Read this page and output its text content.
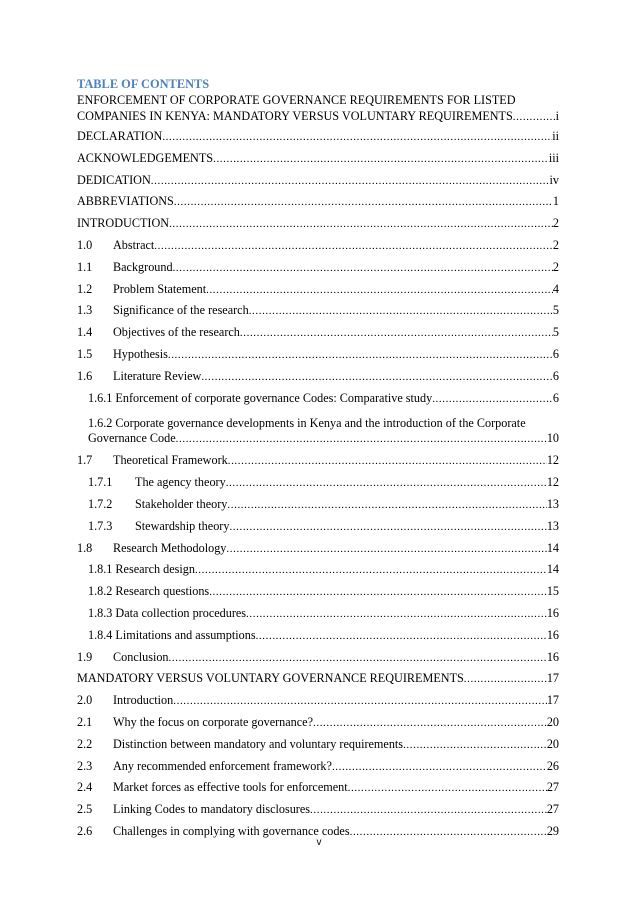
TABLE OF CONTENTS
ENFORCEMENT OF CORPORATE GOVERNANCE REQUIREMENTS FOR LISTED
COMPANIES IN KENYA: MANDATORY VERSUS VOLUNTARY REQUIREMENTS .....	i
DECLARATION .....	ii
ACKNOWLEDGEMENTS .....	iii
DEDICATION .....	iv
ABBREVIATIONS .....	1
INTRODUCTION .....	2
1.0	Abstract .....	2
1.1	Background .....	2
1.2	Problem Statement .....	4
1.3	Significance of the research .....	5
1.4	Objectives of the research .....	5
1.5	Hypothesis .....	6
1.6	Literature Review .....	6
1.6.1 Enforcement of corporate governance Codes: Comparative study .....	6
1.6.2 Corporate governance developments in Kenya and the introduction of the Corporate
Governance Code .....	10
1.7	Theoretical Framework .....	12
1.7.1	The agency theory .....	12
1.7.2	Stakeholder theory .....	13
1.7.3	Stewardship theory .....	13
1.8	Research Methodology .....	14
1.8.1 Research design .....	14
1.8.2 Research questions .....	15
1.8.3 Data collection procedures .....	16
1.8.4 Limitations and assumptions .....	16
1.9	Conclusion .....	16
MANDATORY VERSUS VOLUNTARY GOVERNANCE REQUIREMENTS .....	17
2.0	Introduction .....	17
2.1	Why the focus on corporate governance? .....	20
2.2	Distinction between mandatory and voluntary requirements .....	20
2.3	Any recommended enforcement framework? .....	26
2.4	Market forces as effective tools for enforcement .....	27
2.5	Linking Codes to mandatory disclosures .....	27
2.6	Challenges in complying with governance codes .....	29
v
